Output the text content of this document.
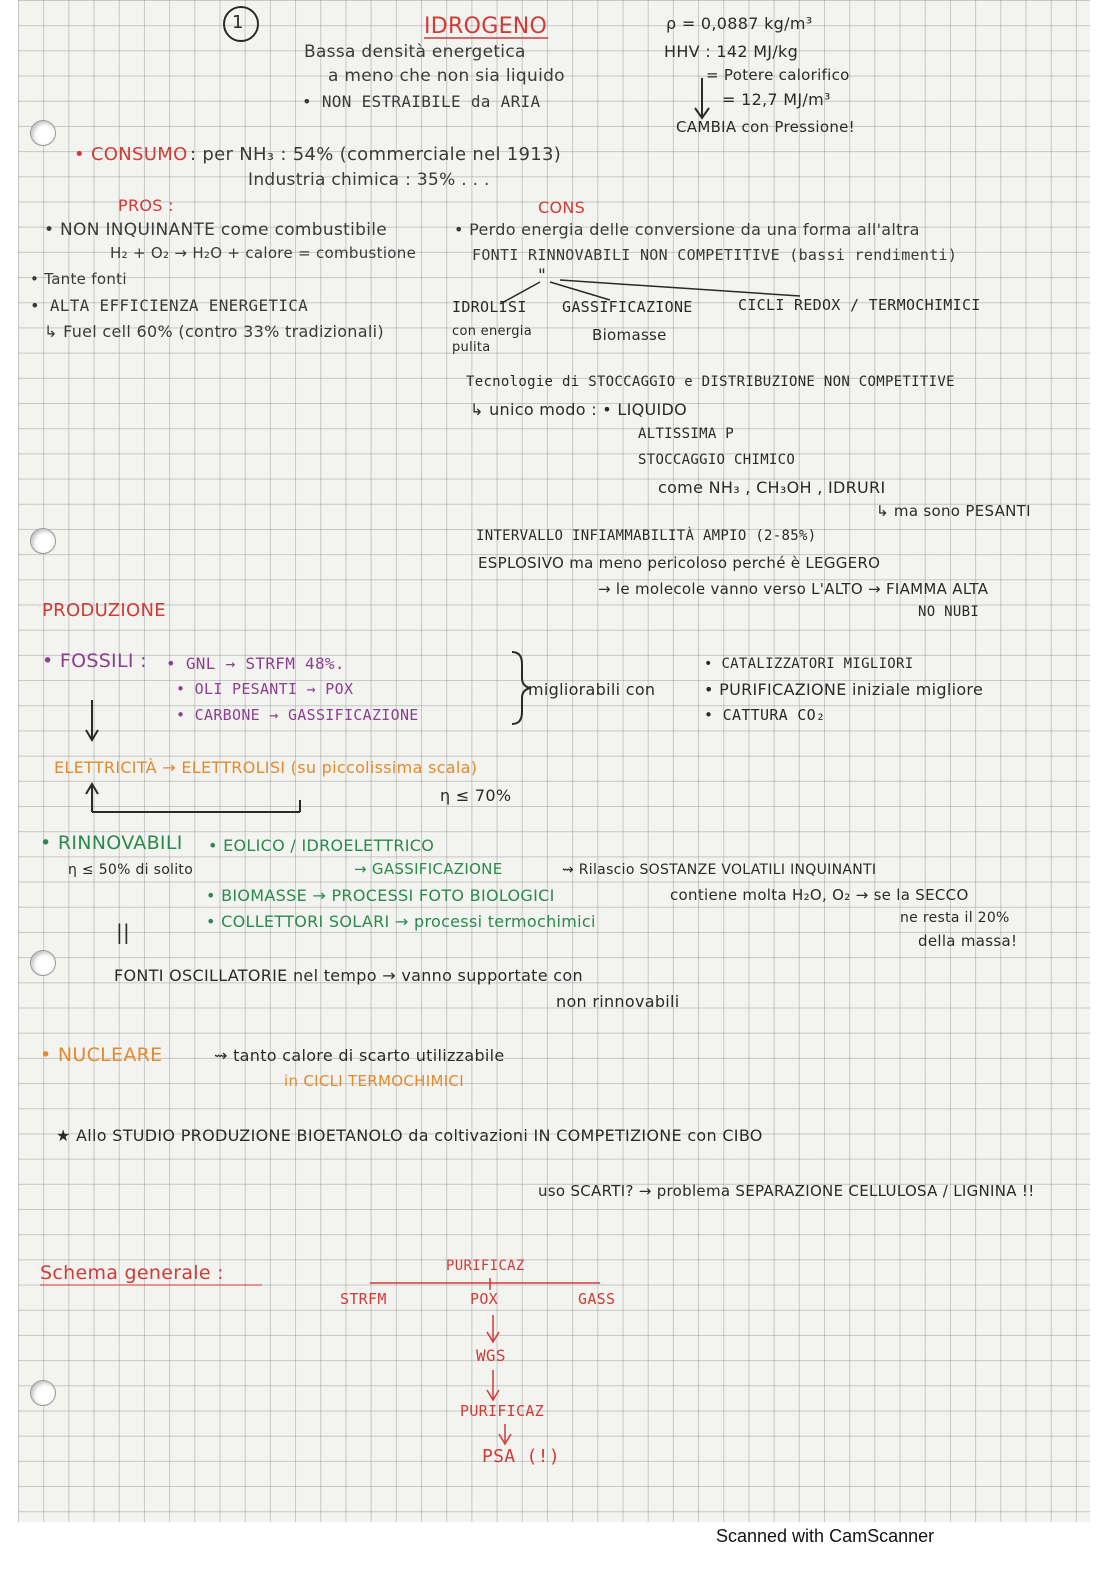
1	IDROGENO
Bassa densità energetica
a meno che non sia liquido
• NON ESTRAIBILE da ARIA
ρ = 0,0887 kg/m³
HHV : 142 MJ/kg
= Potere calorifico
= 12,7 MJ/m³
CAMBIA con Pressione!
• CONSUMO : per NH₃ : 54% (commerciale nel 1913)
Industria chimica : 35% . . .
PROS :
• NON INQUINANTE come combustibile
H₂ + O₂ → H₂O + calore = combustione
• Tante fonti
• ALTA EFFICIENZA ENERGETICA
↳ Fuel cell 60% (contro 33% tradizionali)
CONS
• Perdo energia delle conversione da una forma all'altra
FONTI RINNOVABILI NON COMPETITIVE (bassi rendimenti)
"
IDROLISI GASSIFICAZIONE	CICLI REDOX / TERMOCHIMICI
con energia pulita
Biomasse
Tecnologie di STOCCAGGIO e DISTRIBUZIONE NON COMPETITIVE
↳ unico modo : • LIQUIDO
ALTISSIMA P
STOCCAGGIO CHIMICO
come NH₃ , CH₃OH , IDRURI
↳ ma sono PESANTI
INTERVALLO INFIAMMABILITÀ AMPIO (2-85%)
ESPLOSIVO ma meno pericoloso perché è LEGGERO
→ le molecole vanno verso L'ALTO → FIAMMA ALTA
NO NUBI
PRODUZIONE
• FOSSILI : • GNL → STRFM 48%.
• OLI PESANTI → POX
• CARBONE → GASSIFICAZIONE
migliorabili con
• CATALIZZATORI MIGLIORI
• PURIFICAZIONE iniziale migliore
• CATTURA CO₂
ELETTRICITÀ → ELETTROLISI (su piccolissima scala)
η ≤ 70%
• RINNOVABILI • EOLICO / IDROELETTRICO
η ≤ 50% di solito	→ GASSIFICAZIONE	⇝ Rilascio SOSTANZE VOLATILI INQUINANTI
• BIOMASSE → PROCESSI FOTO BIOLOGICI	contiene molta H₂O, O₂ → se la SECCO
ne resta il 20%
della massa!
• COLLETTORI SOLARI → processi termochimici
||
FONTI OSCILLATORIE nel tempo → vanno supportate con
non rinnovabili
• NUCLEARE	⇝ tanto calore di scarto utilizzabile
in CICLI TERMOCHIMICI
★ Allo STUDIO PRODUZIONE BIOETANOLO da coltivazioni IN COMPETIZIONE con CIBO
uso SCARTI? → problema SEPARAZIONE CELLULOSA / LIGNINA !!
Schema generale :	PURIFICAZ
STRFM	POX	GASS
WGS
PURIFICAZ
PSA (!)
Scanned with CamScanner
